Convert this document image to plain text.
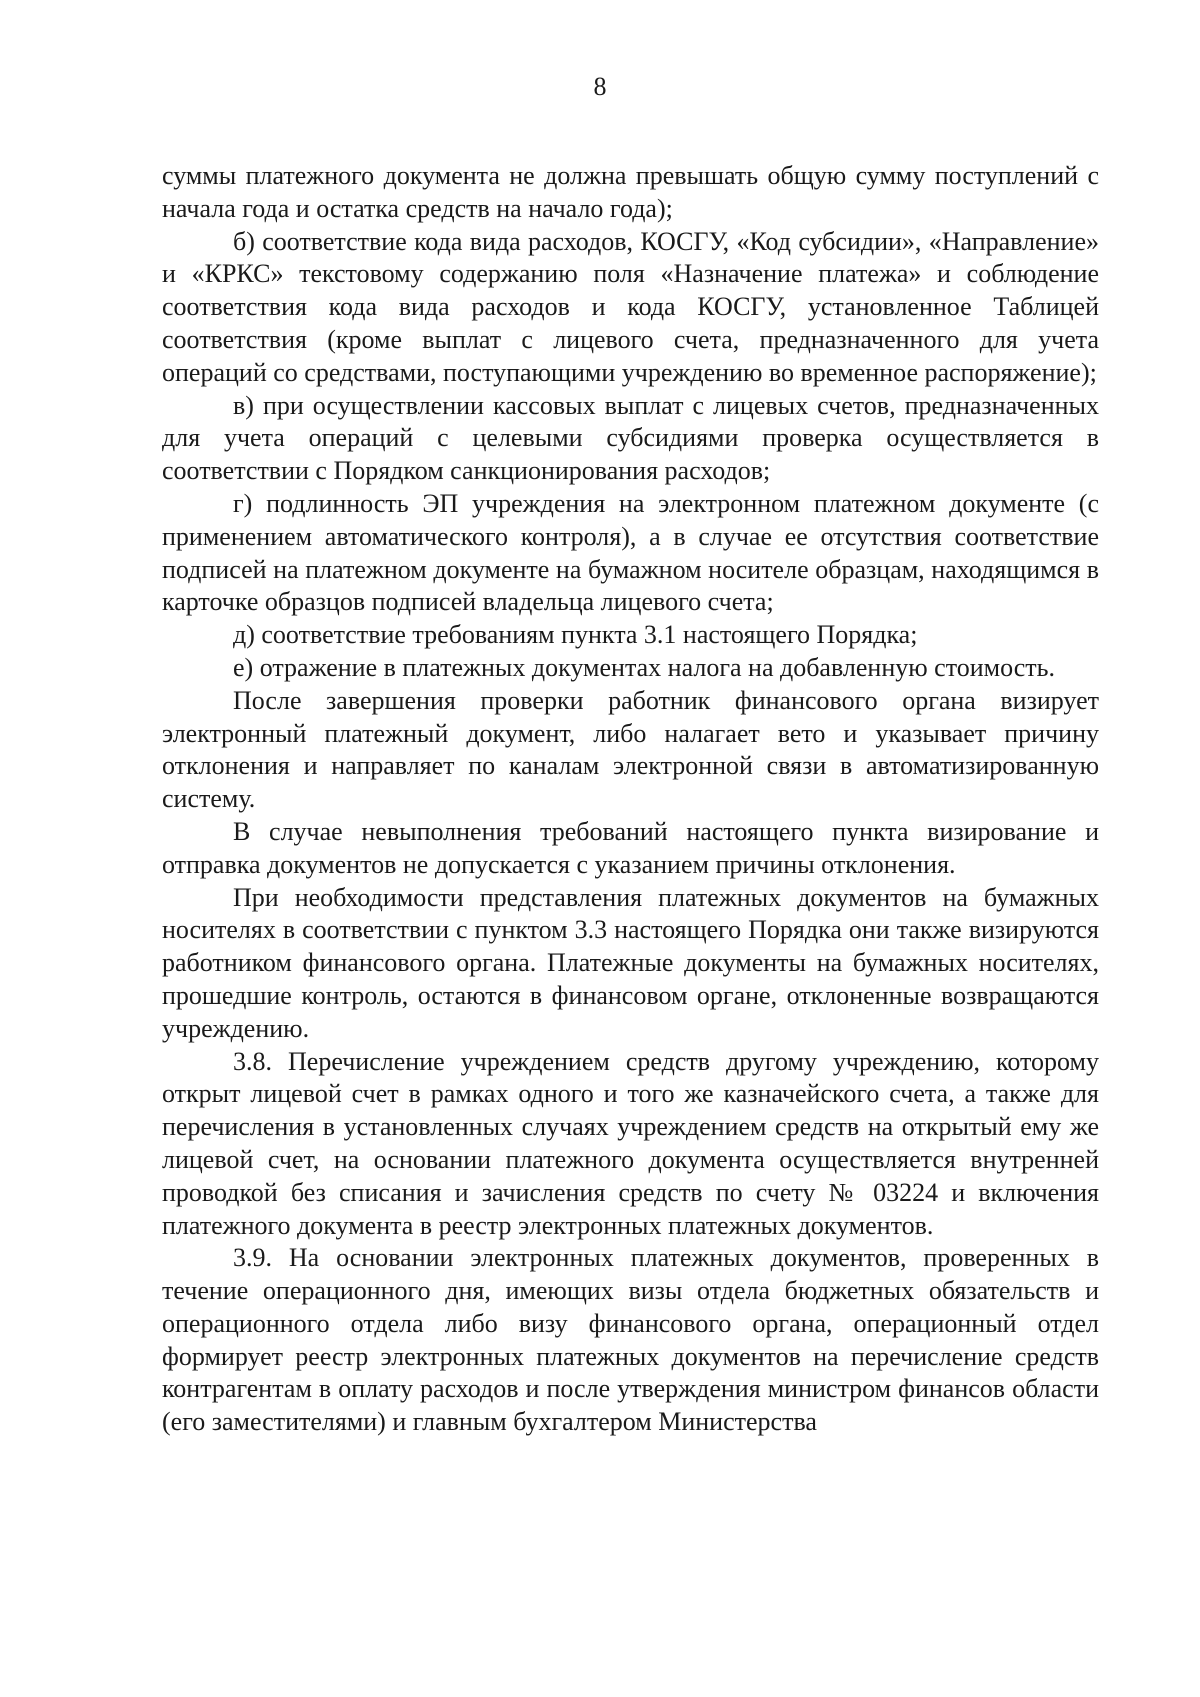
8

суммы платежного документа не должна превышать общую сумму поступлений с начала года и остатка средств на начало года);

б) соответствие кода вида расходов, КОСГУ, «Код субсидии», «Направление» и «КРКС» текстовому содержанию поля «Назначение платежа» и соблюдение соответствия кода вида расходов и кода КОСГУ, установленное Таблицей соответствия (кроме выплат с лицевого счета, предназначенного для учета операций со средствами, поступающими учреждению во временное распоряжение);

в) при осуществлении кассовых выплат с лицевых счетов, предназначенных для учета операций с целевыми субсидиями проверка осуществляется в соответствии с Порядком санкционирования расходов;

г) подлинность ЭП учреждения на электронном платежном документе (с применением автоматического контроля), а в случае ее отсутствия соответствие подписей на платежном документе на бумажном носителе образцам, находящимся в карточке образцов подписей владельца лицевого счета;

д) соответствие требованиям пункта 3.1 настоящего Порядка;

е) отражение в платежных документах налога на добавленную стоимость.

После завершения проверки работник финансового органа визирует электронный платежный документ, либо налагает вето и указывает причину отклонения и направляет по каналам электронной связи в автоматизированную систему.

В случае невыполнения требований настоящего пункта визирование и отправка документов не допускается с указанием причины отклонения.

При необходимости представления платежных документов на бумажных носителях в соответствии с пунктом 3.3 настоящего Порядка они также визируются работником финансового органа. Платежные документы на бумажных носителях, прошедшие контроль, остаются в финансовом органе, отклоненные возвращаются учреждению.

3.8. Перечисление учреждением средств другому учреждению, которому открыт лицевой счет в рамках одного и того же казначейского счета, а также для перечисления в установленных случаях учреждением средств на открытый ему же лицевой счет, на основании платежного документа осуществляется внутренней проводкой без списания и зачисления средств по счету № 03224 и включения платежного документа в реестр электронных платежных документов.

3.9. На основании электронных платежных документов, проверенных в течение операционного дня, имеющих визы отдела бюджетных обязательств и операционного отдела либо визу финансового органа, операционный отдел формирует реестр электронных платежных документов на перечисление средств контрагентам в оплату расходов и после утверждения министром финансов области (его заместителями) и главным бухгалтером Министерства
